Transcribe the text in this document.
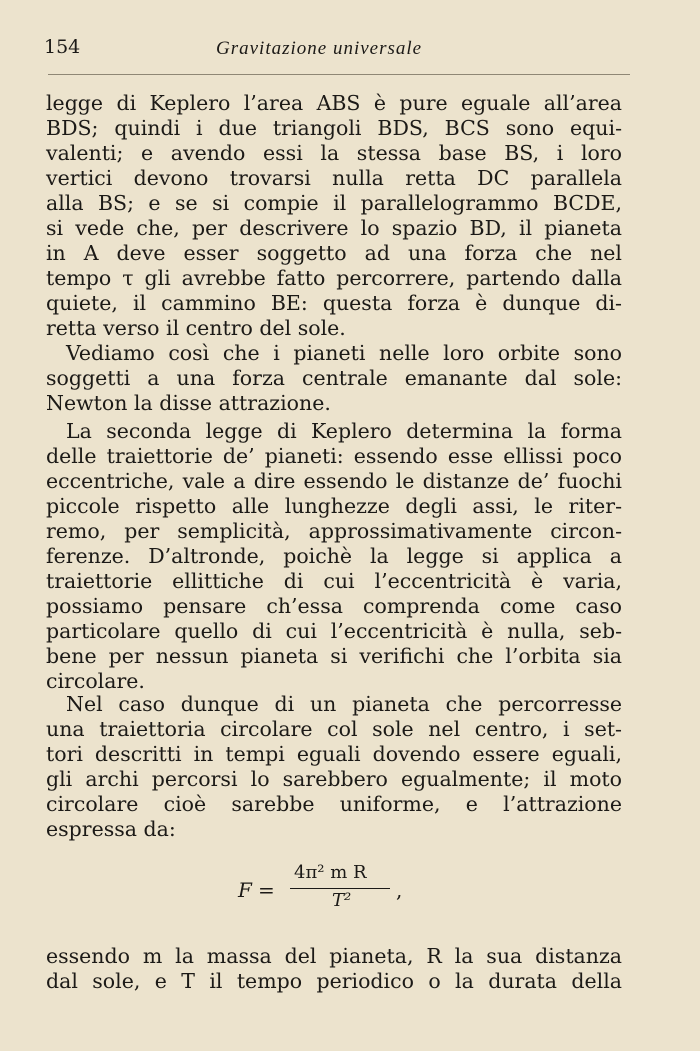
154	Gravitazione universale
legge di Keplero l’area ABS è pure eguale all’area
BDS; quindi i due triangoli BDS, BCS sono equi-
valenti; e avendo essi la stessa base BS, i loro
vertici devono trovarsi nulla retta DC parallela
alla BS; e se si compie il parallelogrammo BCDE,
si vede che, per descrivere lo spazio BD, il pianeta
in A deve esser soggetto ad una forza che nel
tempo τ gli avrebbe fatto percorrere, partendo dalla
quiete, il cammino BE: questa forza è dunque di-
retta verso il centro del sole.
Vediamo così che i pianeti nelle loro orbite sono
soggetti a una forza centrale emanante dal sole:
Newton la disse attrazione.
La seconda legge di Keplero determina la forma
delle traiettorie de’ pianeti: essendo esse ellissi poco
eccentriche, vale a dire essendo le distanze de’ fuochi
piccole rispetto alle lunghezze degli assi, le riter-
remo, per semplicità, approssimativamente circon-
ferenze. D’altronde, poichè la legge si applica a
traiettorie ellittiche di cui l’eccentricità è varia,
possiamo pensare ch’essa comprenda come caso
particolare quello di cui l’eccentricità è nulla, seb-
bene per nessun pianeta si verifichi che l’orbita sia
circolare.
Nel caso dunque di un pianeta che percorresse
una traiettoria circolare col sole nel centro, i set-
tori descritti in tempi eguali dovendo essere eguali,
gli archi percorsi lo sarebbero egualmente; il moto
circolare cioè sarebbe uniforme, e l’attrazione
espressa da:
F =
4π² m R
T² ,
essendo m la massa del pianeta, R la sua distanza
dal sole, e T il tempo periodico o la durata della
